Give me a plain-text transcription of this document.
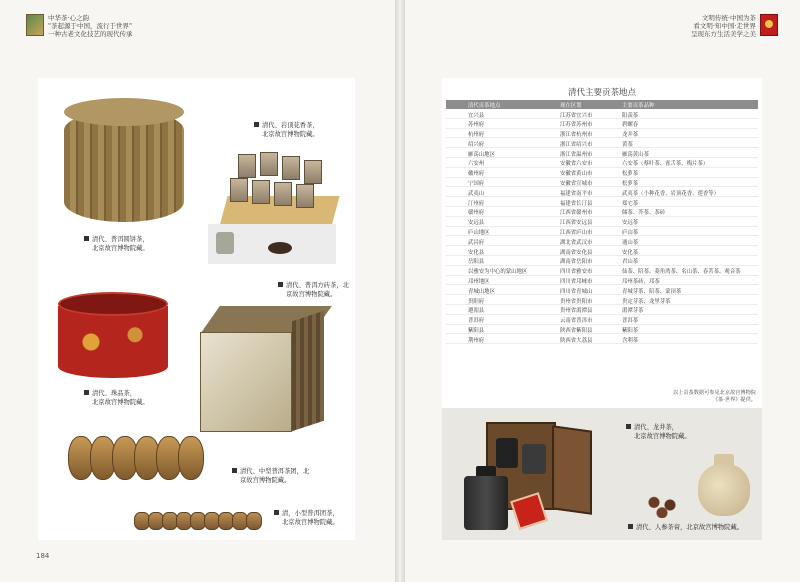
中华茶·心之韵
"茶起源于中国，流行于世界"
一种古老文化技艺的现代传承
清代、普洱圆饼茶，
北京故宫博物院藏。
清代、岩顶花香茶，
北京故宫博物院藏。
清代、普洱方砖茶，北
京故宫博物院藏。
清代、珠品茶，
北京故宫博物院藏。
清代、中型普洱茶团，北
京故宫博物院藏。
清，小型普洱团茶，
北京故宫博物院藏。
184
文明传统·中国为茶
看文明·知中国·走世界
呈现东方生活美学之美
清代主要贡茶地点
清代贡茶地点	现在区划	主要贡茶品种
宜兴县	江苏省宜兴市	阳羡茶
苏州府	江苏省苏州市	碧螺春
杭州府	浙江省杭州市	龙井茶
绍兴府	浙江省绍兴市	黄茶
雁荡山地区	浙江省温州市	雁荡黄山茶
六安州	安徽省六安市	六安茶（蔡叶茶、雀舌茶、梅片茶）
徽州府	安徽省黄山市	松萝茶
宁国府	安徽省宣城市	松萝茶
武夷山	福建省南平市	武夷茶（小种花香、岩顶花香、莲香等）
汀州府	福建省长汀县	郑宅茶
赣州府	江西省赣州市	储茶、芥茶、茶砖
安远县	江西省安远县	安远茶
庐山地区	江西省庐山市	庐山茶
武昌府	湖北省武汉市	通山茶
安化县	湖南省安化县	安化茶
岳阳县	湖南省岳阳市	君山茶
以雅安为中心的蒙山地区	四川省雅安市	仙茶、陪茶、菱角湾茶、名山茶、春茗茶、观音茶
邛州地区	四川省邛崃市	邛州茶砖、邛茶
青城山地区	四川省青城山	青城芽茶、陪茶、蒙顶茶
贵阳府	贵州省贵阳市	贵定芽茶、龙里芽茶
遵湄县	贵州省湄潭县	湄潭芽茶
普洱府	云南省普洱市	普洱茶
紫阳县	陕西省紫阳县	紫阳茶
荆州府	陕西省大荔县	含利茶
以上贡茶数据可参见北京故宫博物院
《茶·世界》提供。
清代、龙井茶，
北京故宫博物院藏。
清代、人参茶膏，北京故宫博物院藏。
